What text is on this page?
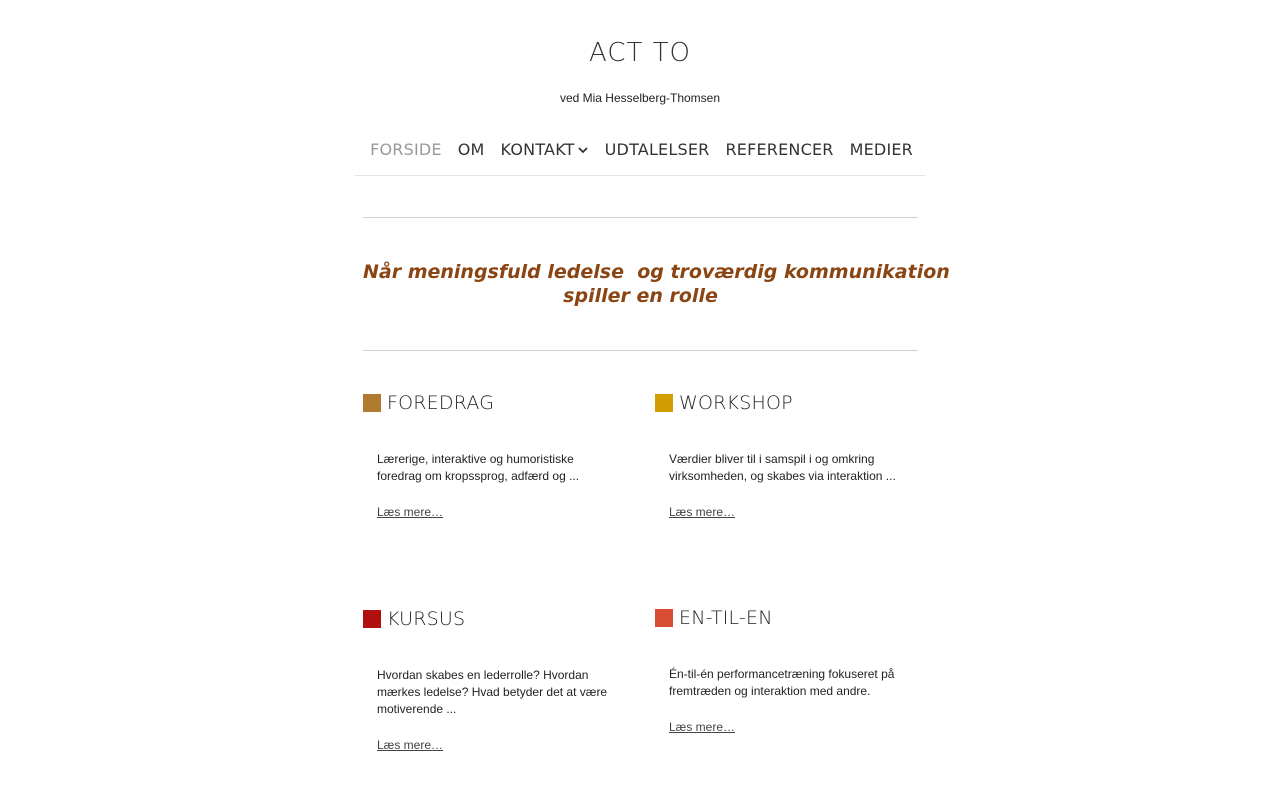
ACT TO
ved Mia Hesselberg-Thomsen
FORSIDE OM KONTAKT UDTALELSER REFERENCER MEDIER
Når meningsfuld ledelse  og troværdig kommunikation
spiller en rolle
FOREDRAG

Lærerige, interaktive og humoristiske foredrag om kropssprog, adfærd og ...

Læs mere…
WORKSHOP

Værdier bliver til i samspil i og omkring virksomheden, og skabes via interaktion ...

Læs mere…
KURSUS

Hvordan skabes en lederrolle? Hvordan mærkes ledelse? Hvad betyder det at være motiverende ...

Læs mere…
EN-TIL-EN

Én-til-én performancetræning fokuseret på fremtræden og interaktion med andre.

Læs mere…
